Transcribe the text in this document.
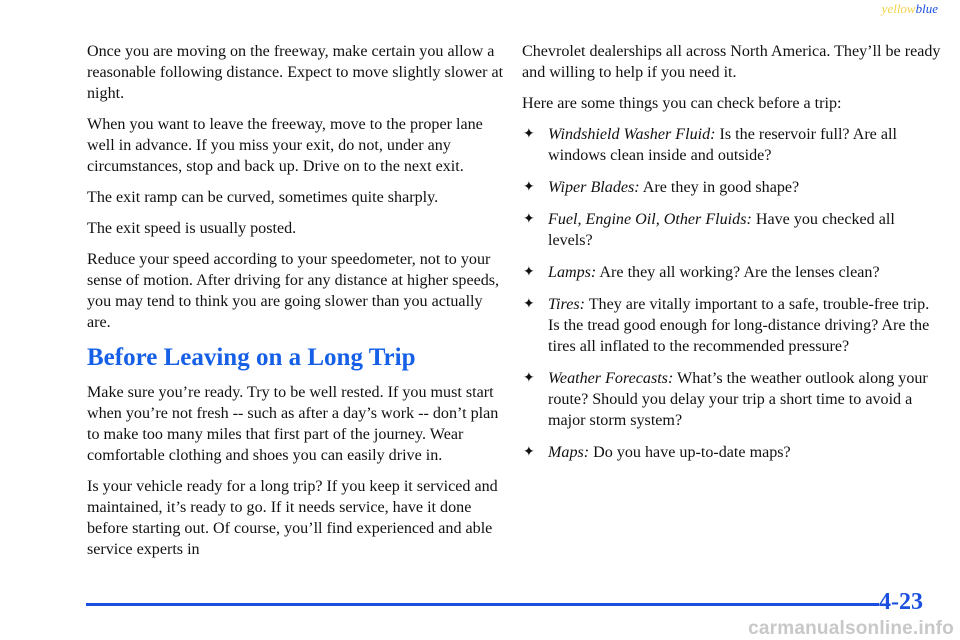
yellowblue

Once you are moving on the freeway, make certain you allow a reasonable following distance. Expect to move slightly slower at night.

When you want to leave the freeway, move to the proper lane well in advance. If you miss your exit, do not, under any circumstances, stop and back up. Drive on to the next exit.

The exit ramp can be curved, sometimes quite sharply.

The exit speed is usually posted.

Reduce your speed according to your speedometer, not to your sense of motion. After driving for any distance at higher speeds, you may tend to think you are going slower than you actually are.

Before Leaving on a Long Trip

Make sure you’re ready. Try to be well rested. If you must start when you’re not fresh -- such as after a day’s work -- don’t plan to make too many miles that first part of the journey. Wear comfortable clothing and shoes you can easily drive in.

Is your vehicle ready for a long trip? If you keep it serviced and maintained, it’s ready to go. If it needs service, have it done before starting out. Of course, you’ll find experienced and able service experts in

Chevrolet dealerships all across North America. They’ll be ready and willing to help if you need it.

Here are some things you can check before a trip:

✦ Windshield Washer Fluid: Is the reservoir full? Are all windows clean inside and outside?
✦ Wiper Blades: Are they in good shape?
✦ Fuel, Engine Oil, Other Fluids: Have you checked all levels?
✦ Lamps: Are they all working? Are the lenses clean?
✦ Tires: They are vitally important to a safe, trouble-free trip. Is the tread good enough for long-distance driving? Are the tires all inflated to the recommended pressure?
✦ Weather Forecasts: What’s the weather outlook along your route? Should you delay your trip a short time to avoid a major storm system?
✦ Maps: Do you have up-to-date maps?
4-23
carmanualsonline.info
